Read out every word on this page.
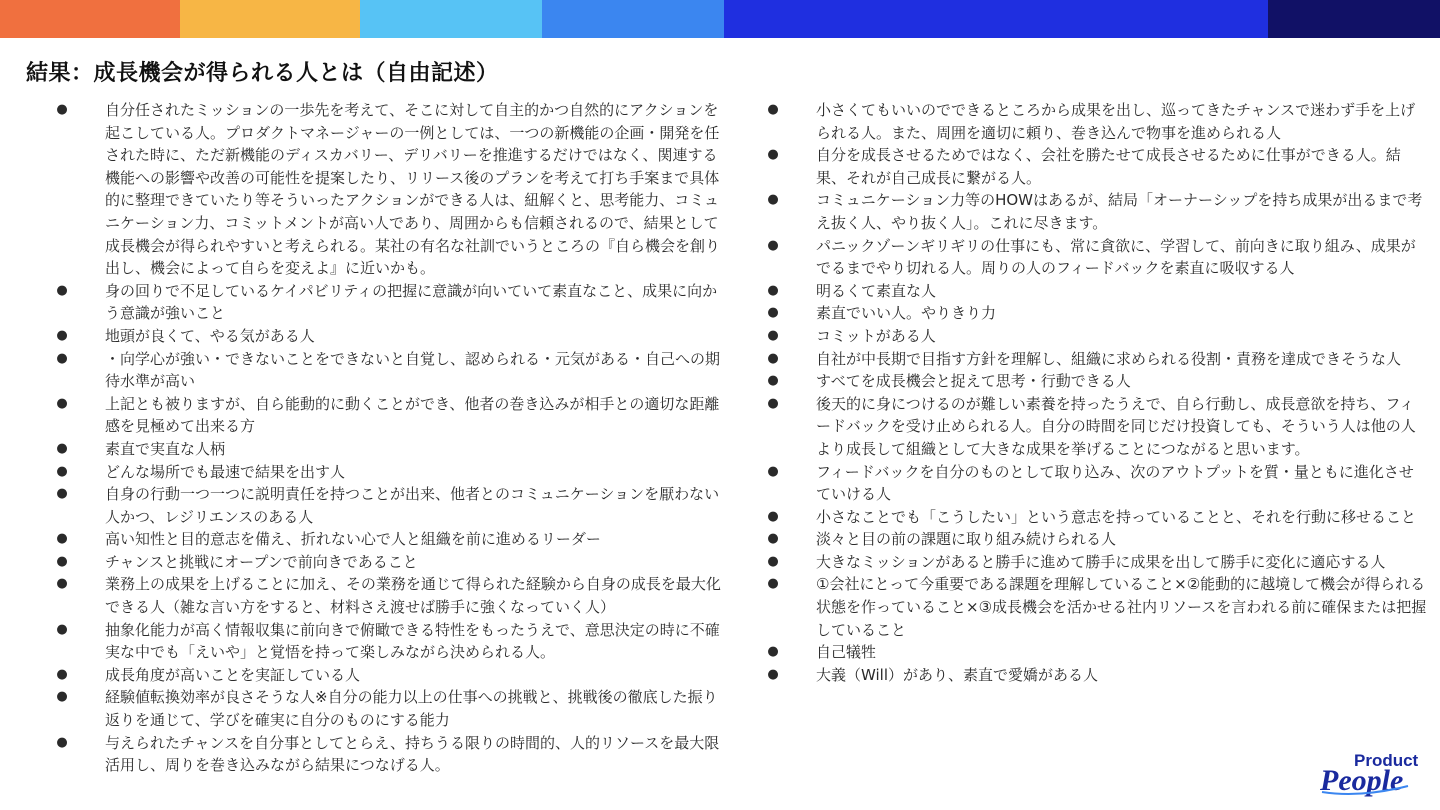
結果：成長機会が得られる人とは（自由記述）
● 自分任されたミッションの一歩先を考えて、そこに対して自主的かつ自然的にアクションを起こしている人。プロダクトマネージャーの一例としては、一つの新機能の企画・開発を任された時に、ただ新機能のディスカバリー、デリバリーを推進するだけではなく、関連する機能への影響や改善の可能性を提案したり、リリース後のプランを考えて打ち手案まで具体的に整理できていたり等そういったアクションができる人は、紐解くと、思考能力、コミュニケーション力、コミットメントが高い人であり、周囲からも信頼されるので、結果として成長機会が得られやすいと考えられる。某社の有名な社訓でいうところの『自ら機会を創り出し、機会によって自らを変えよ』に近いかも。
● 身の回りで不足しているケイパビリティの把握に意識が向いていて素直なこと、成果に向かう意識が強いこと
● 地頭が良くて、やる気がある人
● ・向学心が強い・できないことをできないと自覚し、認められる・元気がある・自己への期待水準が高い
● 上記とも被りますが、自ら能動的に動くことができ、他者の巻き込みが相手との適切な距離感を見極めて出来る方
● 素直で実直な人柄
● どんな場所でも最速で結果を出す人
● 自身の行動一つ一つに説明責任を持つことが出来、他者とのコミュニケーションを厭わない人かつ、レジリエンスのある人
● 高い知性と目的意志を備え、折れない心で人と組織を前に進めるリーダー
● チャンスと挑戦にオープンで前向きであること
● 業務上の成果を上げることに加え、その業務を通じて得られた経験から自身の成長を最大化できる人（雑な言い方をすると、材料さえ渡せば勝手に強くなっていく人）
● 抽象化能力が高く情報収集に前向きで俯瞰できる特性をもったうえで、意思決定の時に不確実な中でも「えいや」と覚悟を持って楽しみながら決められる人。
● 成長角度が高いことを実証している人
● 経験値転換効率が良さそうな人※自分の能力以上の仕事への挑戦と、挑戦後の徹底した振り返りを通じて、学びを確実に自分のものにする能力
● 与えられたチャンスを自分事としてとらえ、持ちうる限りの時間的、人的リソースを最大限活用し、周りを巻き込みながら結果につなげる人。
● 小さくてもいいのでできるところから成果を出し、巡ってきたチャンスで迷わず手を上げられる人。また、周囲を適切に頼り、巻き込んで物事を進められる人
● 自分を成長させるためではなく、会社を勝たせて成長させるために仕事ができる人。結果、それが自己成長に繋がる人。
● コミュニケーション力等のHOWはあるが、結局「オーナーシップを持ち成果が出るまで考え抜く人、やり抜く人」。これに尽きます。
● パニックゾーンギリギリの仕事にも、常に貪欲に、学習して、前向きに取り組み、成果がでるまでやり切れる人。周りの人のフィードバックを素直に吸収する人
● 明るくて素直な人
● 素直でいい人。やりきり力
● コミットがある人
● 自社が中長期で目指す方針を理解し、組織に求められる役割・責務を達成できそうな人
● すべてを成長機会と捉えて思考・行動できる人
● 後天的に身につけるのが難しい素養を持ったうえで、自ら行動し、成長意欲を持ち、フィードバックを受け止められる人。自分の時間を同じだけ投資しても、そういう人は他の人より成長して組織として大きな成果を挙げることにつながると思います。
● フィードバックを自分のものとして取り込み、次のアウトプットを質・量ともに進化させていける人
● 小さなことでも「こうしたい」という意志を持っていることと、それを行動に移せること
● 淡々と目の前の課題に取り組み続けられる人
● 大きなミッションがあると勝手に進めて勝手に成果を出して勝手に変化に適応する人
● ①会社にとって今重要である課題を理解していること×②能動的に越境して機会が得られる状態を作っていること×③成長機会を活かせる社内リソースを言われる前に確保または把握していること
● 自己犠牲
● 大義（Will）があり、素直で愛嬌がある人
Product
People
